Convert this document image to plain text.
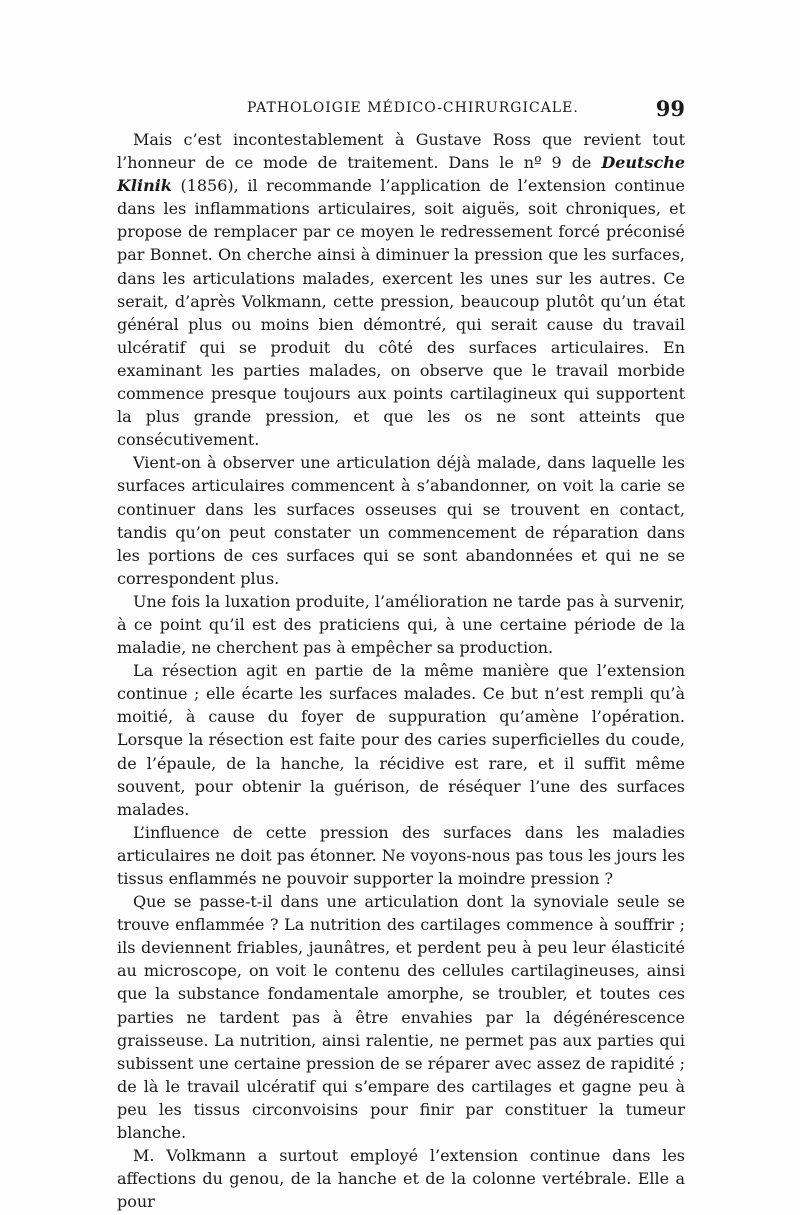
PATHOLOIGIE MÉDICO-CHIRURGICALE.	99

Mais c’est incontestablement à Gustave Ross que revient tout l’honneur de ce mode de traitement. Dans le nº 9 de Deutsche Klinik (1856), il recommande l’application de l’extension continue dans les inflammations articulaires, soit aiguës, soit chroniques, et propose de remplacer par ce moyen le redressement forcé préconisé par Bonnet. On cherche ainsi à diminuer la pression que les surfaces, dans les articulations malades, exercent les unes sur les autres. Ce serait, d’après Volkmann, cette pression, beaucoup plutôt qu’un état général plus ou moins bien démontré, qui serait cause du travail ulcératif qui se produit du côté des surfaces articulaires. En examinant les parties malades, on observe que le travail morbide commence presque toujours aux points cartilagineux qui supportent la plus grande pression, et que les os ne sont atteints que consécutivement.

Vient-on à observer une articulation déjà malade, dans laquelle les surfaces articulaires commencent à s’abandonner, on voit la carie se continuer dans les surfaces osseuses qui se trouvent en contact, tandis qu’on peut constater un commencement de réparation dans les portions de ces surfaces qui se sont abandonnées et qui ne se correspondent plus.

Une fois la luxation produite, l’amélioration ne tarde pas à survenir, à ce point qu’il est des praticiens qui, à une certaine période de la maladie, ne cherchent pas à empêcher sa production.

La résection agit en partie de la même manière que l’extension continue ; elle écarte les surfaces malades. Ce but n’est rempli qu’à moitié, à cause du foyer de suppuration qu’amène l’opération. Lorsque la résection est faite pour des caries superficielles du coude, de l’épaule, de la hanche, la récidive est rare, et il suffit même souvent, pour obtenir la guérison, de réséquer l’une des surfaces malades.

L’influence de cette pression des surfaces dans les maladies articulaires ne doit pas étonner. Ne voyons-nous pas tous les jours les tissus enflammés ne pouvoir supporter la moindre pression ?

Que se passe-t-il dans une articulation dont la synoviale seule se trouve enflammée ? La nutrition des cartilages commence à souffrir ; ils deviennent friables, jaunâtres, et perdent peu à peu leur élasticité au microscope, on voit le contenu des cellules cartilagineuses, ainsi que la substance fondamentale amorphe, se troubler, et toutes ces parties ne tardent pas à être envahies par la dégénérescence graisseuse. La nutrition, ainsi ralentie, ne permet pas aux parties qui subissent une certaine pression de se réparer avec assez de rapidité ; de là le travail ulcératif qui s’empare des cartilages et gagne peu à peu les tissus circonvoisins pour finir par constituer la tumeur blanche.

M. Volkmann a surtout employé l’extension continue dans les affections du genou, de la hanche et de la colonne vertébrale. Elle a pour
